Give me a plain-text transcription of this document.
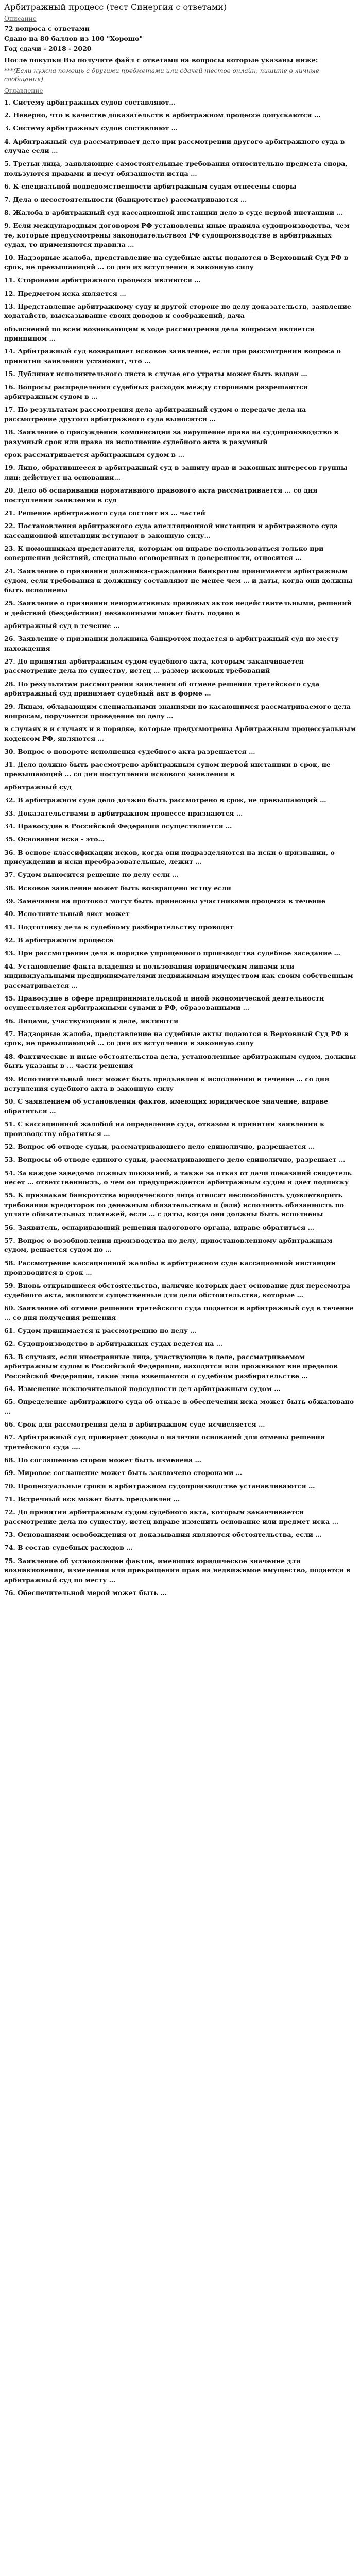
Арбитражный процесс (тест Синергия с ответами)
Описание
72 вопроса с ответами
Сдано на 80 баллов из 100 "Хорошо"
Год сдачи - 2018 - 2020
После покупки Вы получите файл с ответами на вопросы которые указаны ниже:
***(Если нужна помощь с другими предметами или сдачей тестов онлайн, пишите в личные сообщения)
Оглавление
1. Систему арбитражных судов составляют…
2. Неверно, что в качестве доказательств в арбитражном процессе допускаются …
3. Систему арбитражных судов составляют …
4. Арбитражный суд рассматривает дело при рассмотрении другого арбитражного суда в случае если …
5. Третьи лица, заявляющие самостоятельные требования относительно предмета спора, пользуются правами и несут обязанности истца …
6. К специальной подведомственности арбитражным судам отнесены споры
7. Дела о несостоятельности (банкротстве) рассматриваются …
8. Жалоба в арбитражный суд кассационной инстанции дело в суде первой инстанции …
9. Если международным договором РФ установлены иные правила судопроизводства, чем те, которые предусмотрены законодательством РФ судопроизводстве в арбитражных судах, то применяются правила …
10. Надзорные жалоба, представление на судебные акты подаются в Верховный Суд РФ в срок, не превышающий … со дня их вступления в законную силу
11. Сторонами арбитражного процесса являются …
12. Предметом иска является …
13. Представление арбитражному суду и другой стороне по делу доказательств, заявление ходатайств, высказывание своих доводов и соображений, дача
объяснений по всем возникающим в ходе рассмотрения дела вопросам является принципом …
14. Арбитражный суд возвращает исковое заявление, если при рассмотрении вопроса о принятии заявления установит, что …
15. Дублинат исполнительного листа в случае его утраты может быть выдан …
16. Вопросы распределения судебных расходов между сторонами разрешаются арбитражным судом в …
17. По результатам рассмотрения дела арбитражный судом о передаче дела на рассмотрение другого арбитражного суда выносится …
18. Заявление о присуждении компенсации за нарушение права на судопроизводство в разумный срок или права на исполнение судебного акта в разумный
срок рассматривается арбитражным судом в …
19. Лицо, обратившееся в арбитражный суд в защиту прав и законных интересов группы лиц: действует на основании…
20. Дело об оспаривании нормативного правового акта рассматривается … со дня поступления заявления в суд
21. Решение арбитражного суда состоит из … частей
22. Постановления арбитражного суда апелляционной инстанции и арбитражного суда кассационной инстанции вступают в законную силу…
23. К помощникам представителя, которым он вправе воспользоваться только при совершении действий, специально оговоренных в доверенности, относится …
24. Заявление о признании должника-гражданина банкротом принимается арбитражным судом, если требования к должнику составляют не менее чем … и даты, когда они должны быть исполнены
25. Заявление о признании ненормативных правовых актов недействительными, решений и действий (бездействия) незаконными может быть подано в
арбитражный суд в течение …
26. Заявление о признании должника банкротом подается в арбитражный суд по месту нахождения
27. До принятия арбитражным судом судебного акта, которым заканчивается рассмотрение дела по существу, истец … размер исковых требований
28. По результатам рассмотрения заявления об отмене решения третейского суда арбитражный суд принимает судебный акт в форме …
29. Лицам, обладающим специальными знаниями по касающимся рассматриваемого дела вопросам, поручается проведение по делу …
в случаях в и случаях и в порядке, которые предусмотрены Арбитражным процессуальным кодексом РФ, являются …
30. Вопрос о повороте исполнения судебного акта разрешается …
31. Дело должно быть рассмотрено арбитражным судом первой инстанции в срок, не превышающий … со дня поступления искового заявления в
арбитражный суд
32. В арбитражном суде дело должно быть рассмотрено в срок, не превышающий …
33. Доказательствами в арбитражном процессе признаются …
34. Правосудие в Российской Федерации осуществляется …
35. Основания иска - это…
36. В основе классификации исков, когда они подразделяются на иски о признании, о присуждении и иски преобразовательные, лежит …
37. Судом выносится решение по делу если …
38. Исковое заявление может быть возвращено истцу если
39. Замечания на протокол могут быть принесены участниками процесса в течение
40. Исполнительный лист может
41. Подготовку дела к судебному разбирательству проводит
42. В арбитражном процессе
43. При рассмотрении дела в порядке упрощенного производства судебное заседание …
44. Установление факта владения и пользования юридическим лицами или индивидуальными предпринимателями недвижимым имуществом как своим собственным рассматривается …
45. Правосудие в сфере предпринимательской и иной экономической деятельности осуществляется арбитражными судами в РФ, образованными …
46. Лицами, участвующими в деле, являются
47. Надзорные жалоба, представление на судебные акты подаются в Верховный Суд РФ в срок, не превышающий … со дня их вступления в законную силу
48. Фактические и иные обстоятельства дела, установленные арбитражным судом, должны быть указаны в … части решения
49. Исполнительный лист может быть предъявлен к исполнению в течение … со дня вступления судебного акта в законную силу
50. С заявлением об установлении фактов, имеющих юридическое значение, вправе обратиться …
51. С кассационной жалобой на определение суда, отказом в принятии заявления к производству обратиться …
52. Вопрос об отводе судьи, рассматривающего дело единолично, разрешается …
53. Вопросы об отводе единого судьи, рассматривающего дело единолично, разрешает …
54. За каждое заведомо ложных показаний, а также за отказ от дачи показаний свидетель несет … ответственность, о чем он предупреждается арбитражным судом и дает подписку
55. К признакам банкротства юридического лица относят неспособность удовлетворить требования кредиторов по денежным обязательствам и (или) исполнить обязанность по уплате обязательных платежей, если … с даты, когда они должны быть исполнены
56. Заявитель, оспаривающий решения налогового органа, вправе обратиться …
57. Вопрос о возобновлении производства по делу, приостановленному арбитражным судом, решается судом по …
58. Рассмотрение кассационной жалобы в арбитражном суде кассационной инстанции производится в срок …
59. Вновь открывшиеся обстоятельства, наличие которых дает основание для пересмотра судебного акта, являются существенные для дела обстоятельства, которые …
60. Заявление об отмене решения третейского суда подается в арбитражный суд в течение … со дня получения решения
61. Судом принимается к рассмотрению по делу …
62. Судопроизводство в арбитражных судах ведется на …
63. В случаях, если иностранные лица, участвующие в деле, рассматриваемом арбитражным судом в Российской Федерации, находятся или проживают вне пределов Российской Федерации, такие лица извещаются о судебном разбирательстве …
64. Изменение исключительной подсудности дел арбитражным судом …
65. Определение арбитражного суда об отказе в обеспечении иска может быть обжаловано …
66. Срок для рассмотрения дела в арбитражном суде исчисляется …
67. Арбитражный суд проверяет доводы о наличии оснований для отмены решения третейского суда ….
68. По соглашению сторон может быть изменена …
69. Мировое соглашение может быть заключено сторонами …
70. Процессуальные сроки в арбитражном судопроизводстве устанавливаются …
71. Встречный иск может быть предъявлен …
72. До принятия арбитражным судом судебного акта, которым заканчивается рассмотрение дела по существу, истец вправе изменить основание или предмет иска …
73. Основаниями освобождения от доказывания являются обстоятельства, если …
74. В состав судебных расходов …
75. Заявление об установлении фактов, имеющих юридическое значение для возникновения, изменения или прекращения прав на недвижимое имущество, подается в арбитражный суд по месту …
76. Обеспечительной мерой может быть …
